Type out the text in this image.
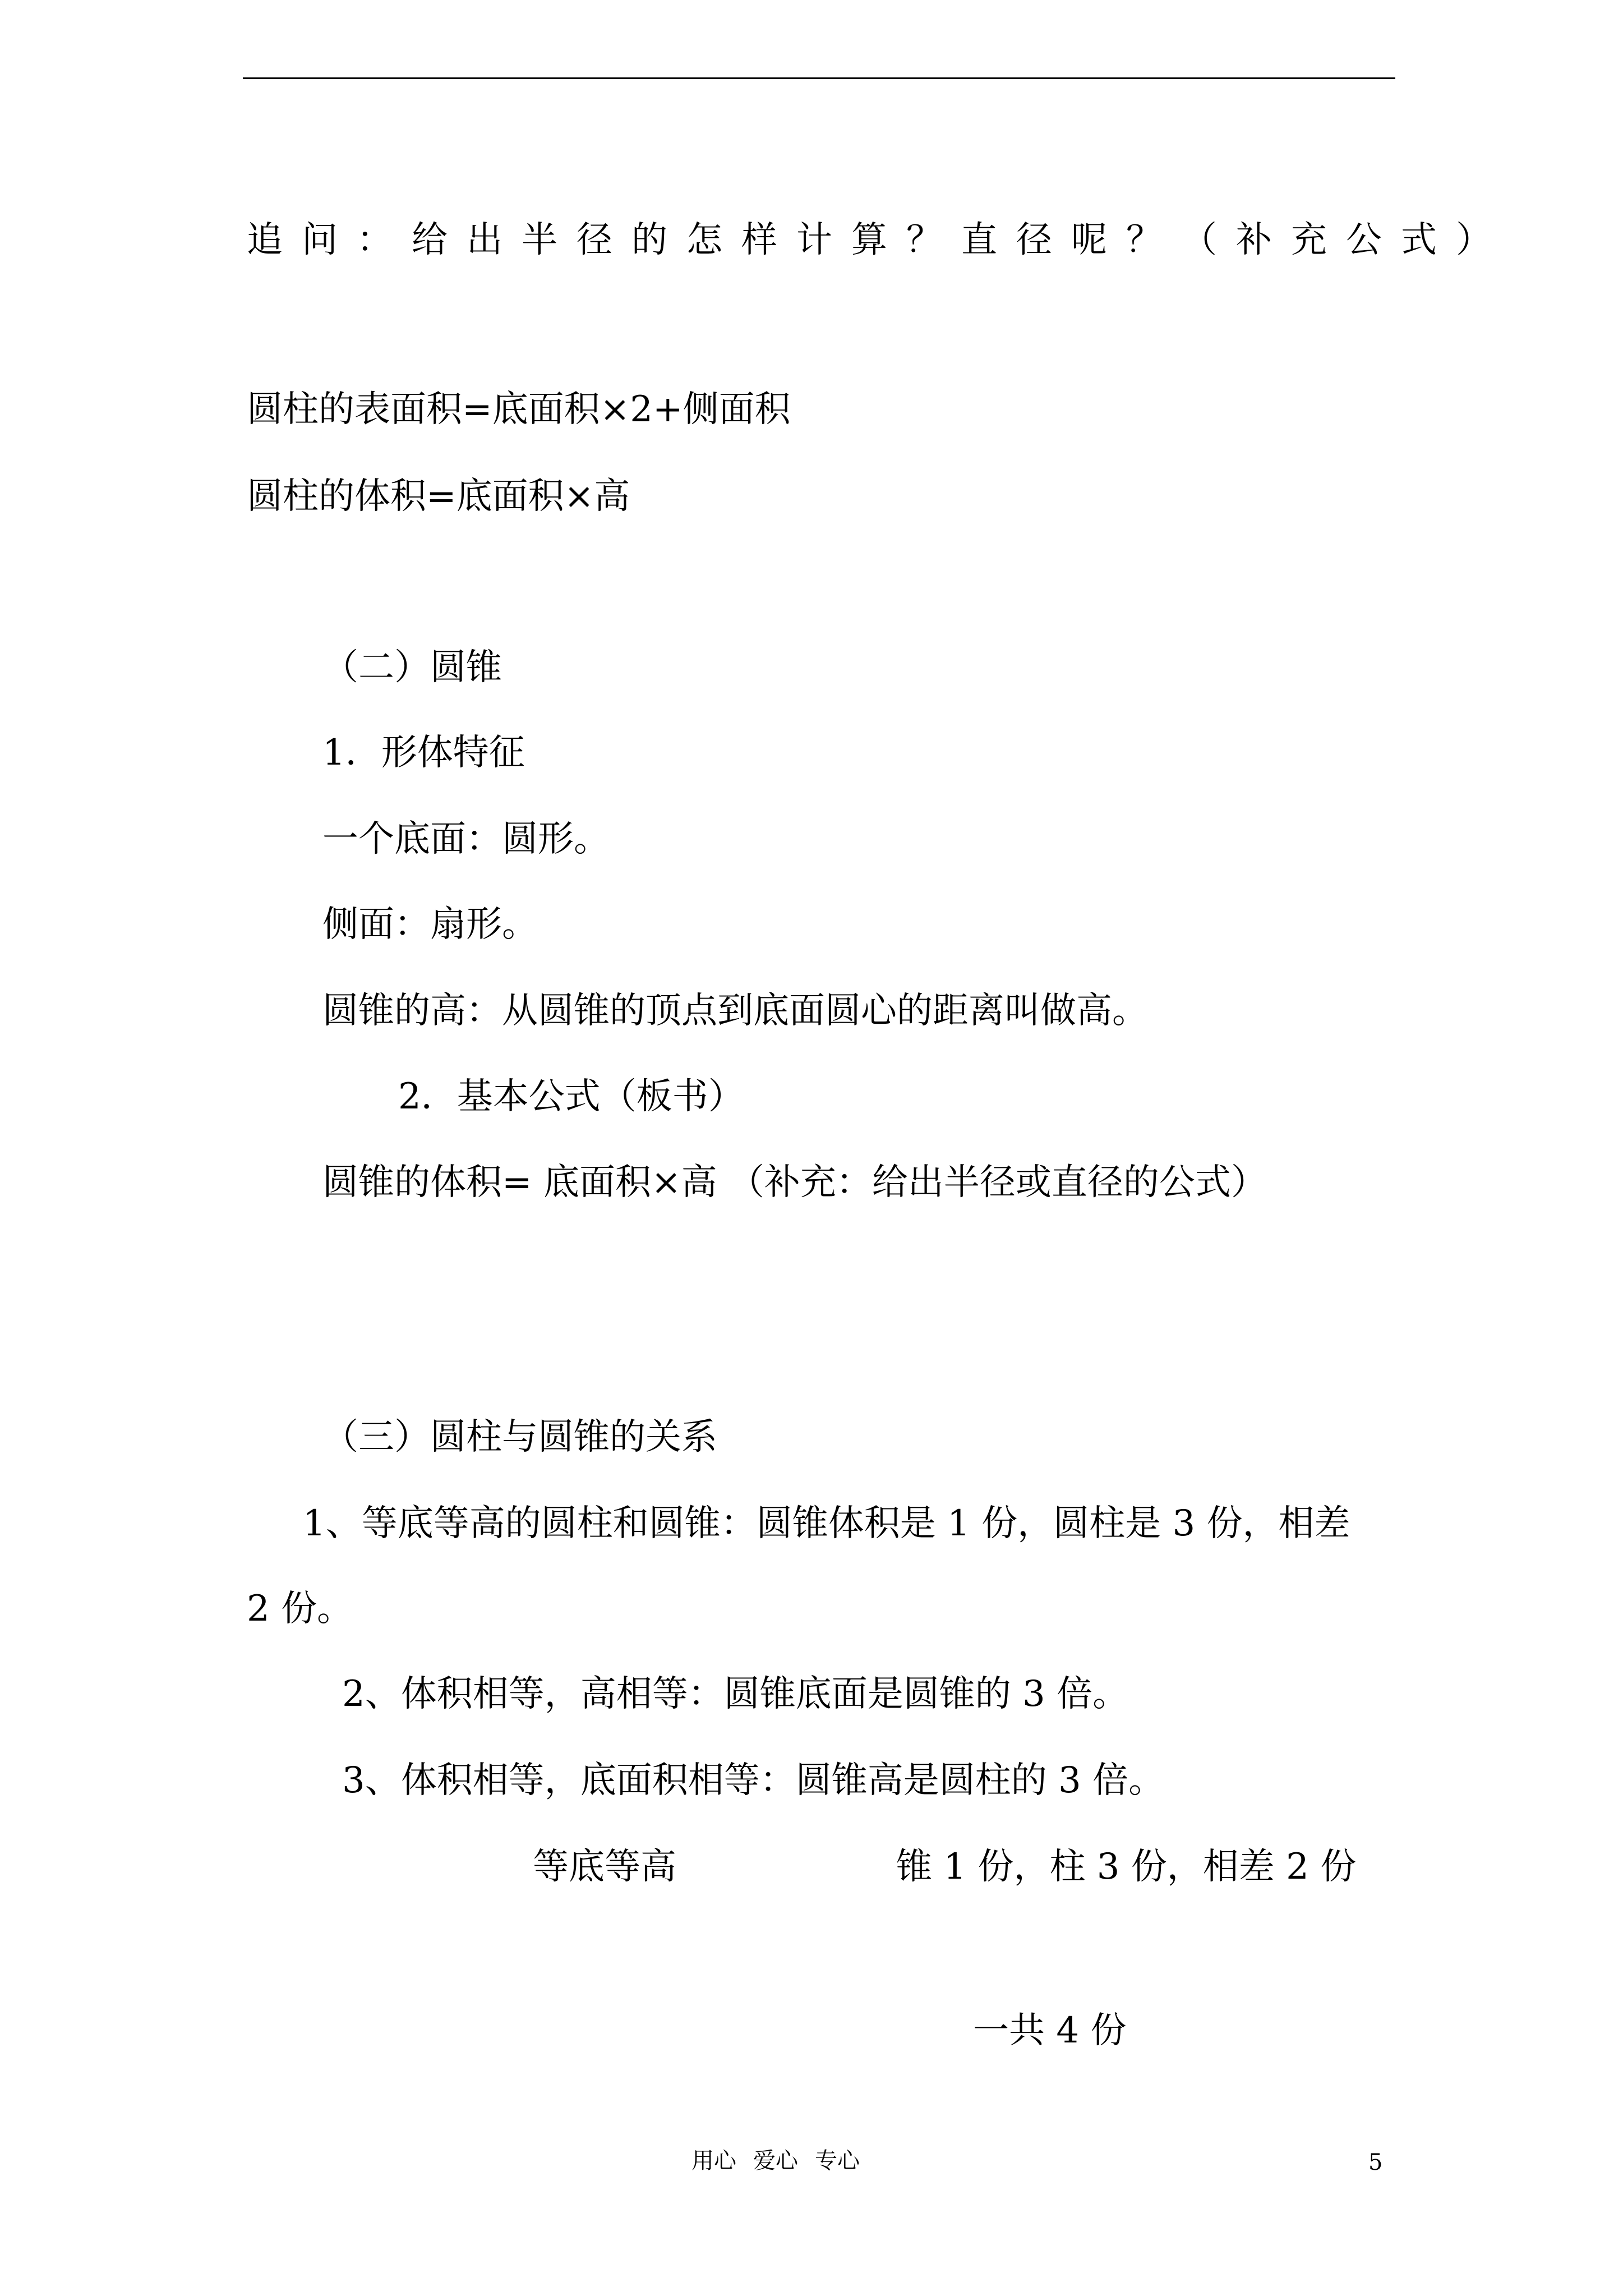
追问：给出半径的怎样计算？直径呢？（补充公式）
圆柱的表面积=底面积×2+侧面积
圆柱的体积=底面积×高
（二）圆锥
1．形体特征
一个底面：圆形。
侧面：扇形。
圆锥的高：从圆锥的顶点到底面圆心的距离叫做高。
2．基本公式（板书）
圆锥的体积= 底面积×高 （补充：给出半径或直径的公式）
（三）圆柱与圆锥的关系
1、等底等高的圆柱和圆锥：圆锥体积是 1 份，圆柱是 3 份，相差
2 份。
2、体积相等，高相等：圆锥底面是圆锥的 3 倍。
3、体积相等，底面积相等：圆锥高是圆柱的 3 倍。
等底等高	锥 1 份，柱 3 份，相差 2 份
一共 4 份
用心 爱心 专心	5
